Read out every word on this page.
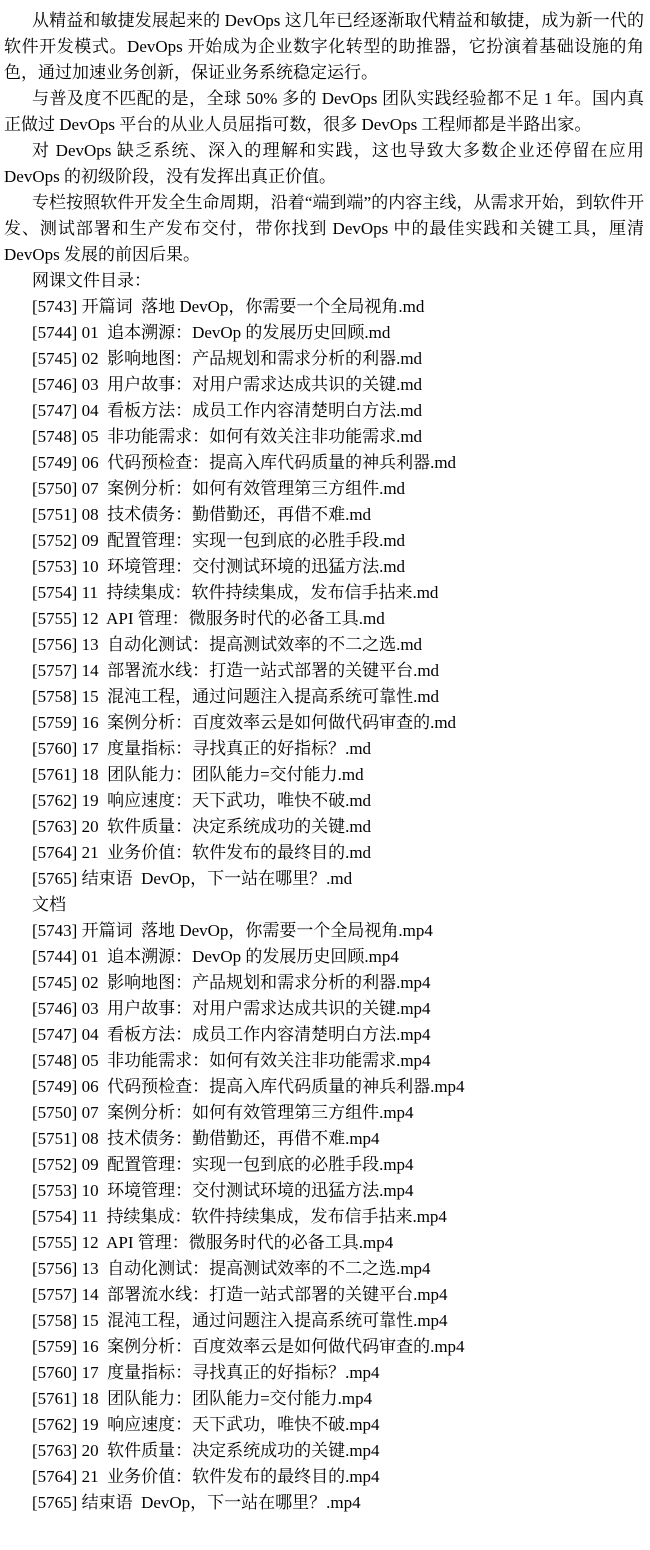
从精益和敏捷发展起来的 DevOps 这几年已经逐渐取代精益和敏捷，成为新一代的软件开发模式。DevOps 开始成为企业数字化转型的助推器，它扮演着基础设施的角色，通过加速业务创新，保证业务系统稳定运行。

与普及度不匹配的是，全球 50% 多的 DevOps 团队实践经验都不足 1 年。国内真正做过 DevOps 平台的从业人员屈指可数，很多 DevOps 工程师都是半路出家。

对 DevOps 缺乏系统、深入的理解和实践，这也导致大多数企业还停留在应用 DevOps 的初级阶段，没有发挥出真正价值。

专栏按照软件开发全生命周期，沿着“端到端”的内容主线，从需求开始，到软件开发、测试部署和生产发布交付，带你找到 DevOps 中的最佳实践和关键工具，厘清 DevOps 发展的前因后果。

网课文件目录：

[5743] 开篇词  落地 DevOp，你需要一个全局视角.md
[5744] 01  追本溯源：DevOp 的发展历史回顾.md
[5745] 02  影响地图：产品规划和需求分析的利器.md
[5746] 03  用户故事：对用户需求达成共识的关键.md
[5747] 04  看板方法：成员工作内容清楚明白方法.md
[5748] 05  非功能需求：如何有效关注非功能需求.md
[5749] 06  代码预检查：提高入库代码质量的神兵利器.md
[5750] 07  案例分析：如何有效管理第三方组件.md
[5751] 08  技术债务：勤借勤还，再借不难.md
[5752] 09  配置管理：实现一包到底的必胜手段.md
[5753] 10  环境管理：交付测试环境的迅猛方法.md
[5754] 11  持续集成：软件持续集成，发布信手拈来.md
[5755] 12  API 管理：微服务时代的必备工具.md
[5756] 13  自动化测试：提高测试效率的不二之选.md
[5757] 14  部署流水线：打造一站式部署的关键平台.md
[5758] 15  混沌工程，通过问题注入提高系统可靠性.md
[5759] 16  案例分析：百度效率云是如何做代码审查的.md
[5760] 17  度量指标：寻找真正的好指标？.md
[5761] 18  团队能力：团队能力=交付能力.md
[5762] 19  响应速度：天下武功，唯快不破.md
[5763] 20  软件质量：决定系统成功的关键.md
[5764] 21  业务价值：软件发布的最终目的.md
[5765] 结束语  DevOp，下一站在哪里？.md

文档

[5743] 开篇词  落地 DevOp，你需要一个全局视角.mp4
[5744] 01  追本溯源：DevOp 的发展历史回顾.mp4
[5745] 02  影响地图：产品规划和需求分析的利器.mp4
[5746] 03  用户故事：对用户需求达成共识的关键.mp4
[5747] 04  看板方法：成员工作内容清楚明白方法.mp4
[5748] 05  非功能需求：如何有效关注非功能需求.mp4
[5749] 06  代码预检查：提高入库代码质量的神兵利器.mp4
[5750] 07  案例分析：如何有效管理第三方组件.mp4
[5751] 08  技术债务：勤借勤还，再借不难.mp4
[5752] 09  配置管理：实现一包到底的必胜手段.mp4
[5753] 10  环境管理：交付测试环境的迅猛方法.mp4
[5754] 11  持续集成：软件持续集成，发布信手拈来.mp4
[5755] 12  API 管理：微服务时代的必备工具.mp4
[5756] 13  自动化测试：提高测试效率的不二之选.mp4
[5757] 14  部署流水线：打造一站式部署的关键平台.mp4
[5758] 15  混沌工程，通过问题注入提高系统可靠性.mp4
[5759] 16  案例分析：百度效率云是如何做代码审查的.mp4
[5760] 17  度量指标：寻找真正的好指标？.mp4
[5761] 18  团队能力：团队能力=交付能力.mp4
[5762] 19  响应速度：天下武功，唯快不破.mp4
[5763] 20  软件质量：决定系统成功的关键.mp4
[5764] 21  业务价值：软件发布的最终目的.mp4
[5765] 结束语  DevOp，下一站在哪里？.mp4
